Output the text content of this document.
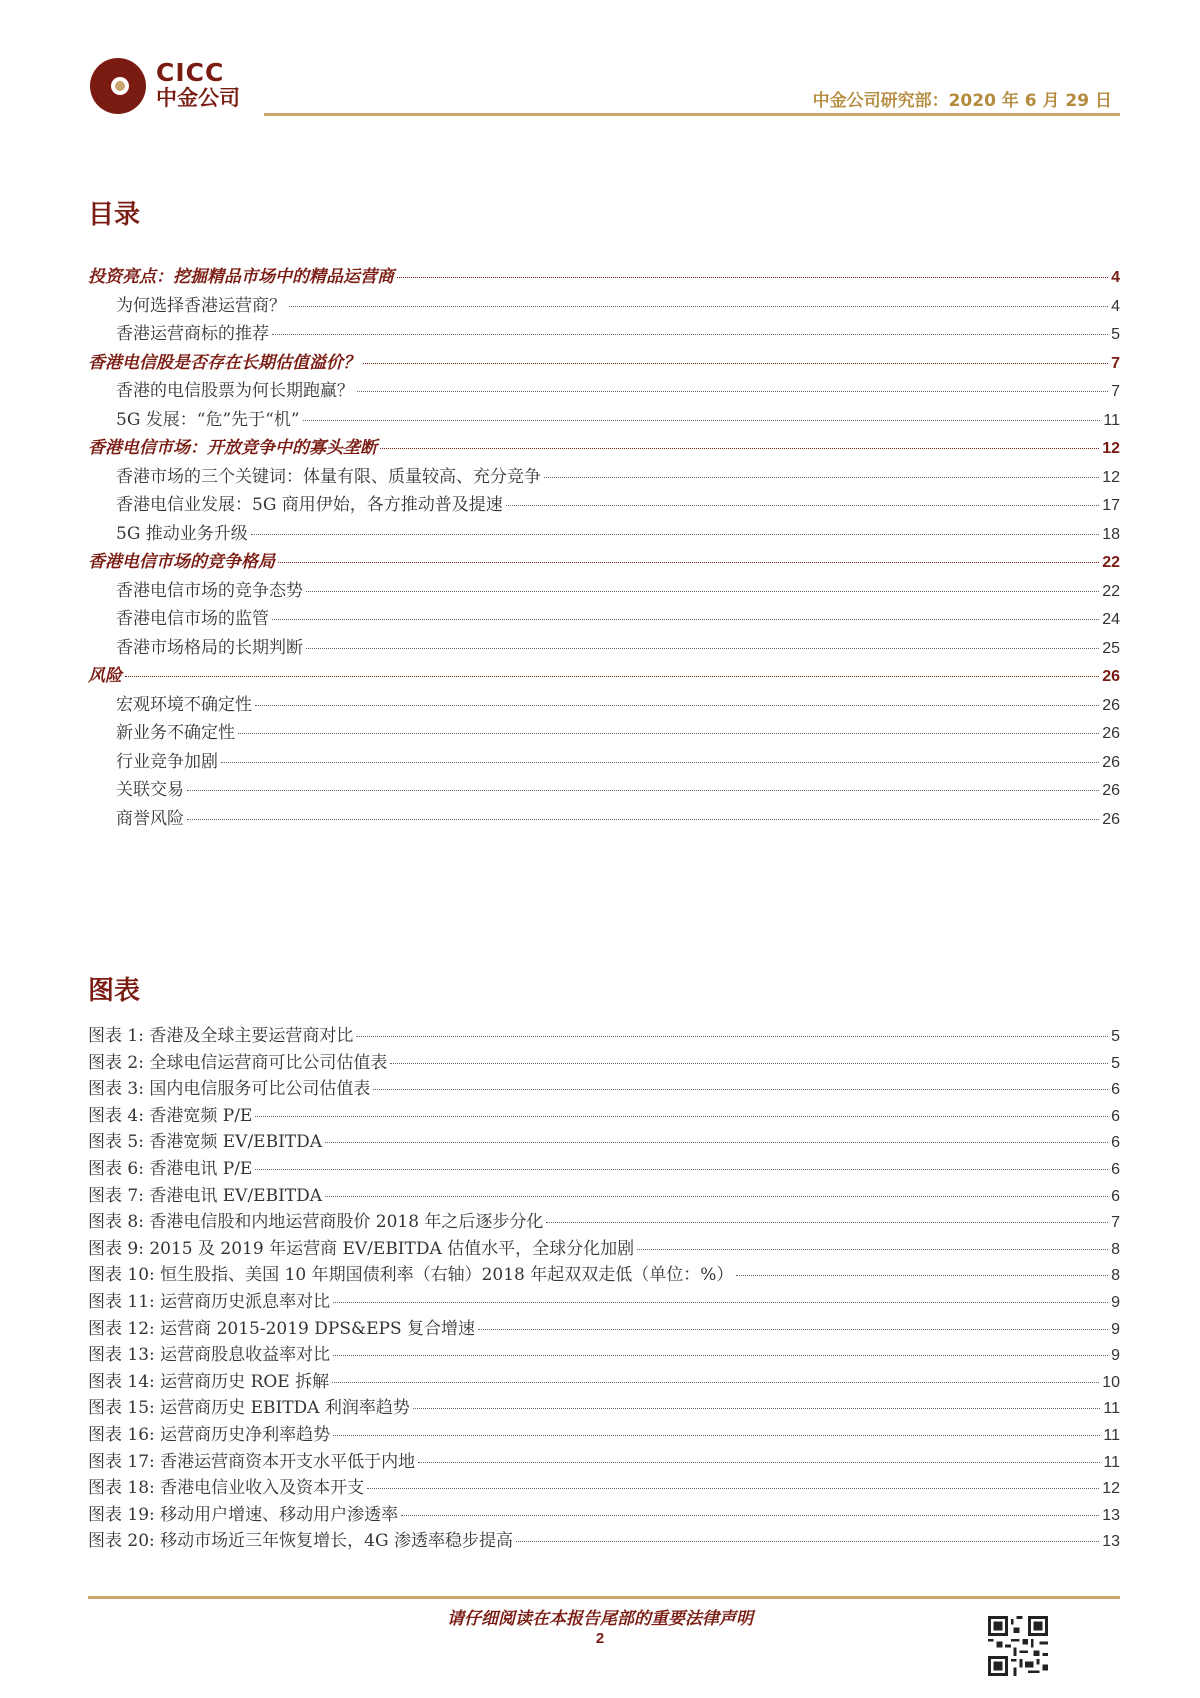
CICC
中金公司	中金公司研究部：2020 年 6 月 29 日
目录
投资亮点：挖掘精品市场中的精品运营商	4
为何选择香港运营商？	4
香港运营商标的推荐	5
香港电信股是否存在长期估值溢价？	7
香港的电信股票为何长期跑赢？	7
5G 发展：“危”先于“机”	11
香港电信市场：开放竞争中的寡头垄断	12
香港市场的三个关键词：体量有限、质量较高、充分竞争	12
香港电信业发展：5G 商用伊始，各方推动普及提速	17
5G 推动业务升级	18
香港电信市场的竞争格局	22
香港电信市场的竞争态势	22
香港电信市场的监管	24
香港市场格局的长期判断	25
风险	26
宏观环境不确定性	26
新业务不确定性	26
行业竞争加剧	26
关联交易	26
商誉风险	26
图表
图表 1: 香港及全球主要运营商对比	5
图表 2: 全球电信运营商可比公司估值表	5
图表 3: 国内电信服务可比公司估值表	6
图表 4: 香港宽频 P/E	6
图表 5: 香港宽频 EV/EBITDA	6
图表 6: 香港电讯 P/E	6
图表 7: 香港电讯 EV/EBITDA	6
图表 8: 香港电信股和内地运营商股价 2018 年之后逐步分化	7
图表 9: 2015 及 2019 年运营商 EV/EBITDA 估值水平，全球分化加剧	8
图表 10: 恒生股指、美国 10 年期国债利率（右轴）2018 年起双双走低（单位：%）	8
图表 11: 运营商历史派息率对比	9
图表 12: 运营商 2015-2019 DPS&EPS 复合增速	9
图表 13: 运营商股息收益率对比	9
图表 14: 运营商历史 ROE 拆解	10
图表 15: 运营商历史 EBITDA 利润率趋势	11
图表 16: 运营商历史净利率趋势	11
图表 17: 香港运营商资本开支水平低于内地	11
图表 18: 香港电信业收入及资本开支	12
图表 19: 移动用户增速、移动用户渗透率	13
图表 20: 移动市场近三年恢复增长，4G 渗透率稳步提高	13
请仔细阅读在本报告尾部的重要法律声明
2
